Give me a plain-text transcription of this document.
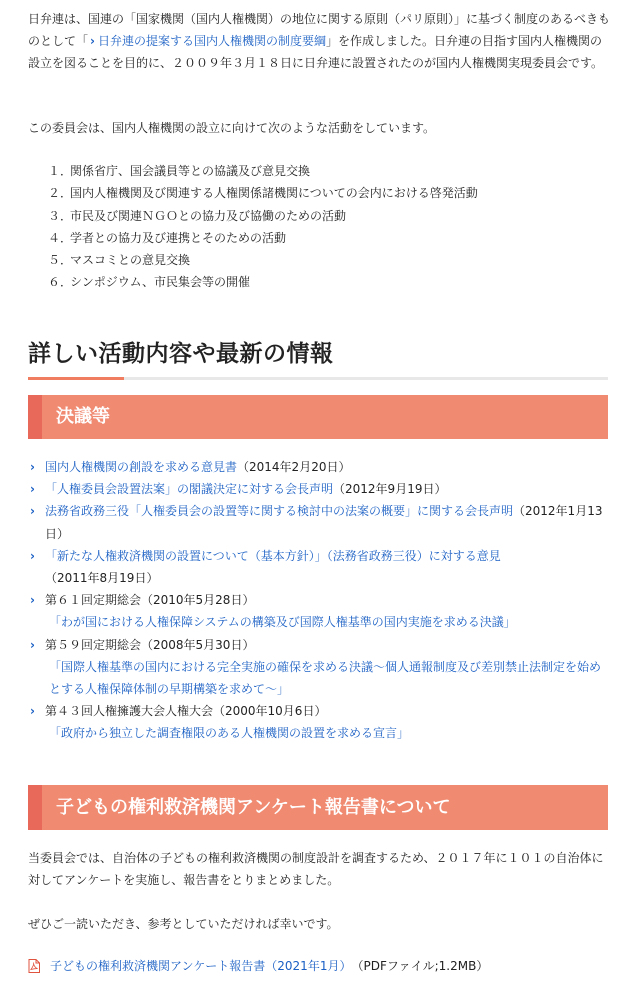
日弁連は、国連の「国家機関（国内人権機関）の地位に関する原則（パリ原則）」に基づく制度のあるべきものとして「 › 日弁連の提案する国内人権機関の制度要綱」を作成しました。日弁連の目指す国内人権機関の設立を図ることを目的に、２００９年３月１８日に日弁連に設置されたのが国内人権機関実現委員会です。

この委員会は、国内人権機関の設立に向けて次のような活動をしています。

１．関係省庁、国会議員等との協議及び意見交換
２．国内人権機関及び関連する人権関係諸機関についての会内における啓発活動
３．市民及び関連ＮＧＯとの協力及び協働のための活動
４．学者との協力及び連携とそのための活動
５．マスコミとの意見交換
６．シンポジウム、市民集会等の開催
詳しい活動内容や最新の情報
決議等
› 国内人権機関の創設を求める意見書（2014年2月20日）
› 「人権委員会設置法案」の閣議決定に対する会長声明（2012年9月19日）
› 法務省政務三役「人権委員会の設置等に関する検討中の法案の概要」に関する会長声明（2012年1月13日）
› 「新たな人権救済機関の設置について（基本方針）」（法務省政務三役）に対する意見（2011年8月19日）
› 第６１回定期総会（2010年5月28日）
「わが国における人権保障システムの構築及び国際人権基準の国内実施を求める決議」
› 第５９回定期総会（2008年5月30日）
「国際人権基準の国内における完全実施の確保を求める決議〜個人通報制度及び差別禁止法制定を始めとする人権保障体制の早期構築を求めて〜」
› 第４３回人権擁護大会人権大会（2000年10月6日）
「政府から独立した調査権限のある人権機関の設置を求める宣言」
子どもの権利救済機関アンケート報告書について

当委員会では、自治体の子どもの権利救済機関の制度設計を調査するため、２０１７年に１０１の自治体に対してアンケートを実施し、報告書をとりまとめました。

ぜひご一読いただき、参考としていただければ幸いです。

子どもの権利救済機関アンケート報告書（2021年1月） （PDFファイル;1.2MB）
